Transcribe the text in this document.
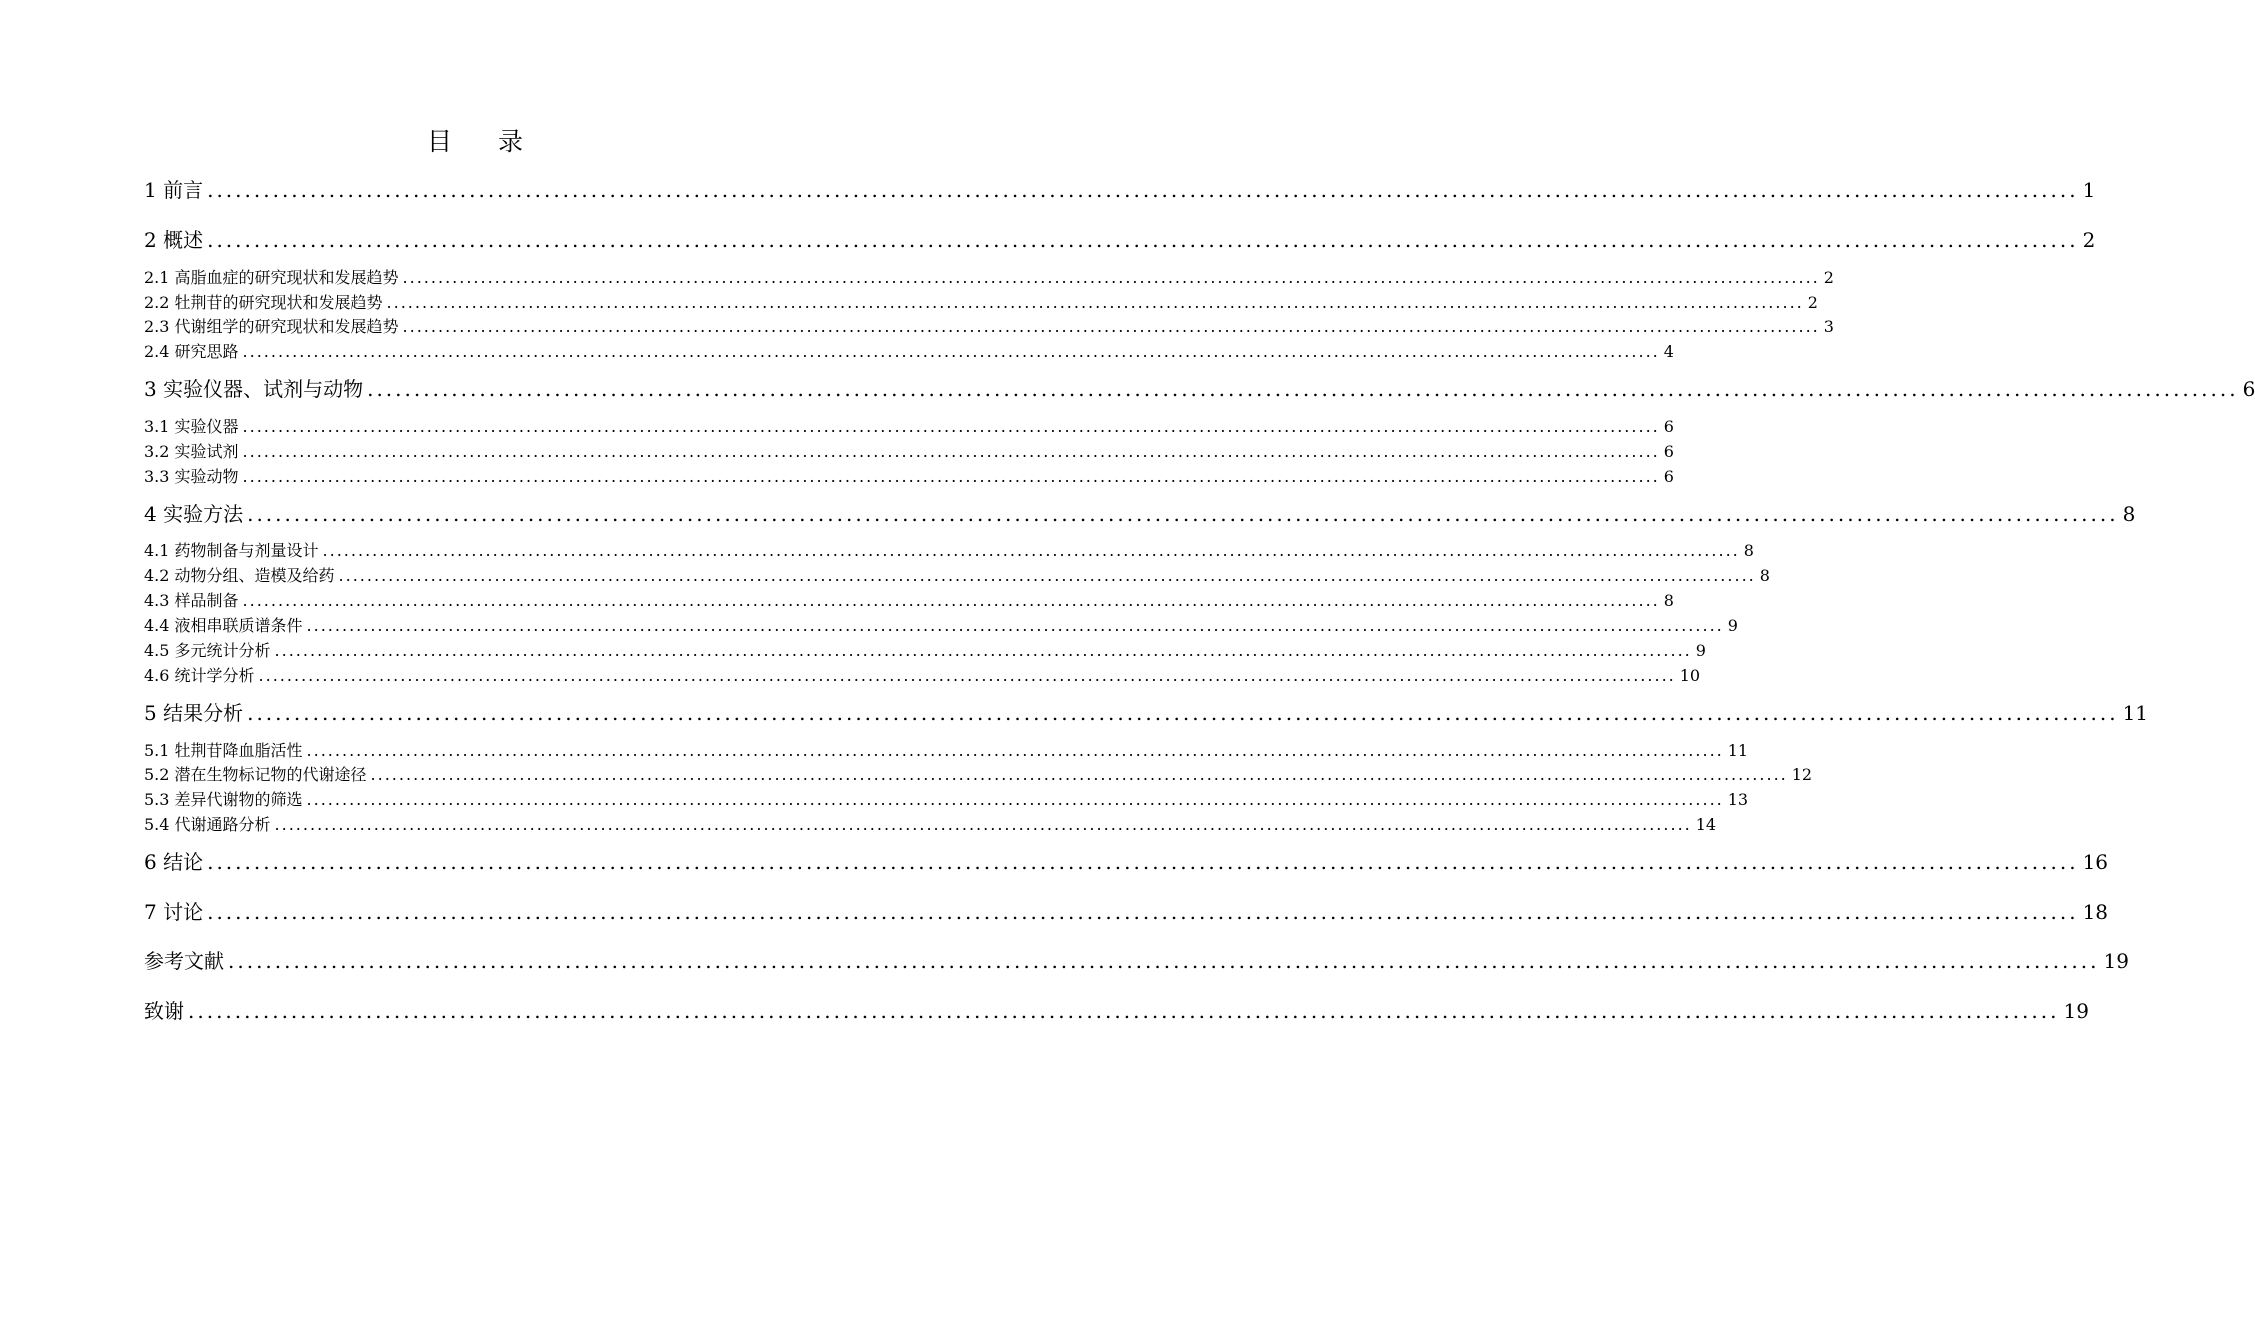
目 录
1 前言 ........................................................................................................................................................................................................ 1
2 概述 ........................................................................................................................................................................................................ 2
2.1 高脂血症的研究现状和发展趋势 ........................................................................................................................................................................................................ 2
2.2 牡荆苷的研究现状和发展趋势 ........................................................................................................................................................................................................ 2
2.3 代谢组学的研究现状和发展趋势 ........................................................................................................................................................................................................ 3
2.4 研究思路 ........................................................................................................................................................................................................ 4
3 实验仪器、试剂与动物 ........................................................................................................................................................................................................ 6
3.1 实验仪器 ........................................................................................................................................................................................................ 6
3.2 实验试剂 ........................................................................................................................................................................................................ 6
3.3 实验动物 ........................................................................................................................................................................................................ 6
4 实验方法 ........................................................................................................................................................................................................ 8
4.1 药物制备与剂量设计 ........................................................................................................................................................................................................ 8
4.2 动物分组、造模及给药 ........................................................................................................................................................................................................ 8
4.3 样品制备 ........................................................................................................................................................................................................ 8
4.4 液相串联质谱条件 ........................................................................................................................................................................................................ 9
4.5 多元统计分析 ........................................................................................................................................................................................................ 9
4.6 统计学分析 ........................................................................................................................................................................................................ 10
5 结果分析 ........................................................................................................................................................................................................ 11
5.1 牡荆苷降血脂活性 ........................................................................................................................................................................................................ 11
5.2 潜在生物标记物的代谢途径 ........................................................................................................................................................................................................ 12
5.3 差异代谢物的筛选 ........................................................................................................................................................................................................ 13
5.4 代谢通路分析 ........................................................................................................................................................................................................ 14
6 结论 ........................................................................................................................................................................................................ 16
7 讨论 ........................................................................................................................................................................................................ 18
参考文献 ........................................................................................................................................................................................................ 19
致谢 ........................................................................................................................................................................................................ 19
